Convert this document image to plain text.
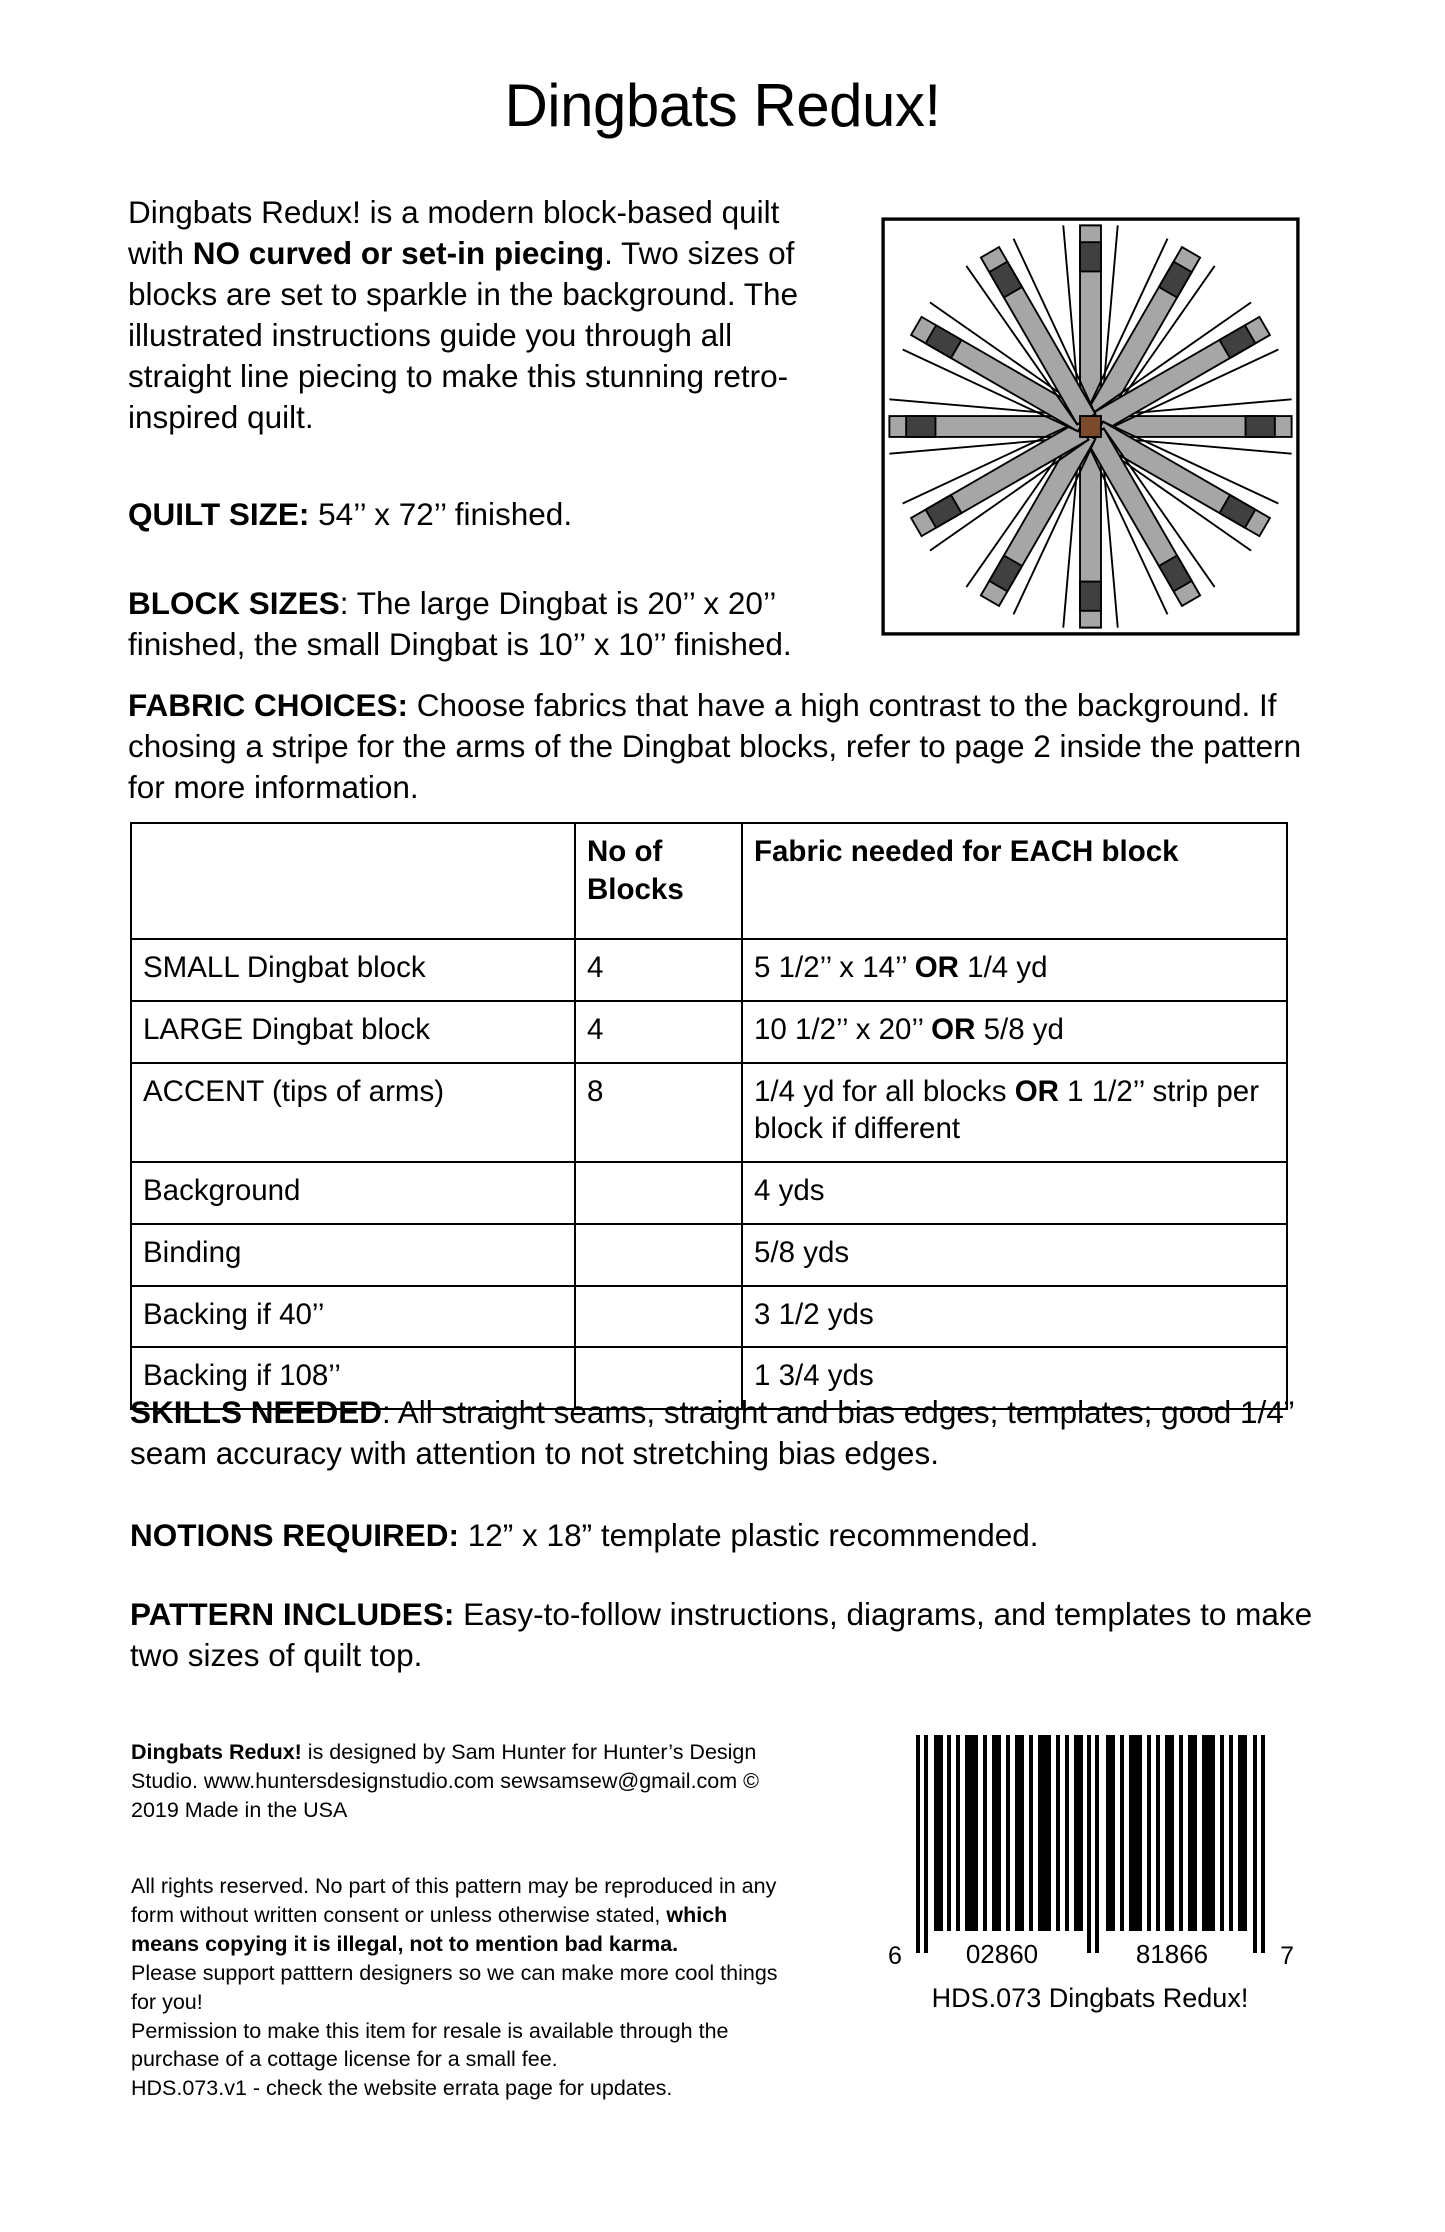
Dingbats Redux!
Dingbats Redux! is a modern block-based quilt with NO curved or set-in piecing. Two sizes of blocks are set to sparkle in the background. The illustrated instructions guide you through all straight line piecing to make this stunning retro-inspired quilt.
QUILT SIZE: 54’’ x 72’’ finished.
BLOCK SIZES: The large Dingbat is 20’’ x 20’’ finished, the small Dingbat is 10’’ x 10’’ finished.
FABRIC CHOICES: Choose fabrics that have a high contrast to the background. If chosing a stripe for the arms of the Dingbat blocks, refer to page 2 inside the pattern for more information.
	No of Blocks	Fabric needed for EACH block
SMALL Dingbat block	4	5 1/2’’ x 14’’ OR 1/4 yd
LARGE Dingbat block	4	10 1/2’’ x 20’’ OR 5/8 yd
ACCENT (tips of arms)	8	1/4 yd for all blocks OR 1 1/2’’ strip per block if different
Background		4 yds
Binding		5/8 yds
Backing if 40’’		3 1/2 yds
Backing if 108’’		1 3/4 yds
SKILLS NEEDED: All straight seams, straight and bias edges; templates; good 1/4” seam accuracy with attention to not stretching bias edges.
NOTIONS REQUIRED: 12” x 18” template plastic recommended.
PATTERN INCLUDES: Easy-to-follow instructions, diagrams, and templates to make two sizes of quilt top.
Dingbats Redux! is designed by Sam Hunter for Hunter’s Design Studio. www.huntersdesignstudio.com sewsamsew@gmail.com © 2019 Made in the USA

All rights reserved. No part of this pattern may be reproduced in any form without written consent or unless otherwise stated, which means copying it is illegal, not to mention bad karma.

Please support patttern designers so we can make more cool things for you!

Permission to make this item for resale is available through the purchase of a cottage license for a small fee.

HDS.073.v1 - check the website errata page for updates.

02860	81866
6	7
HDS.073 Dingbats Redux!
